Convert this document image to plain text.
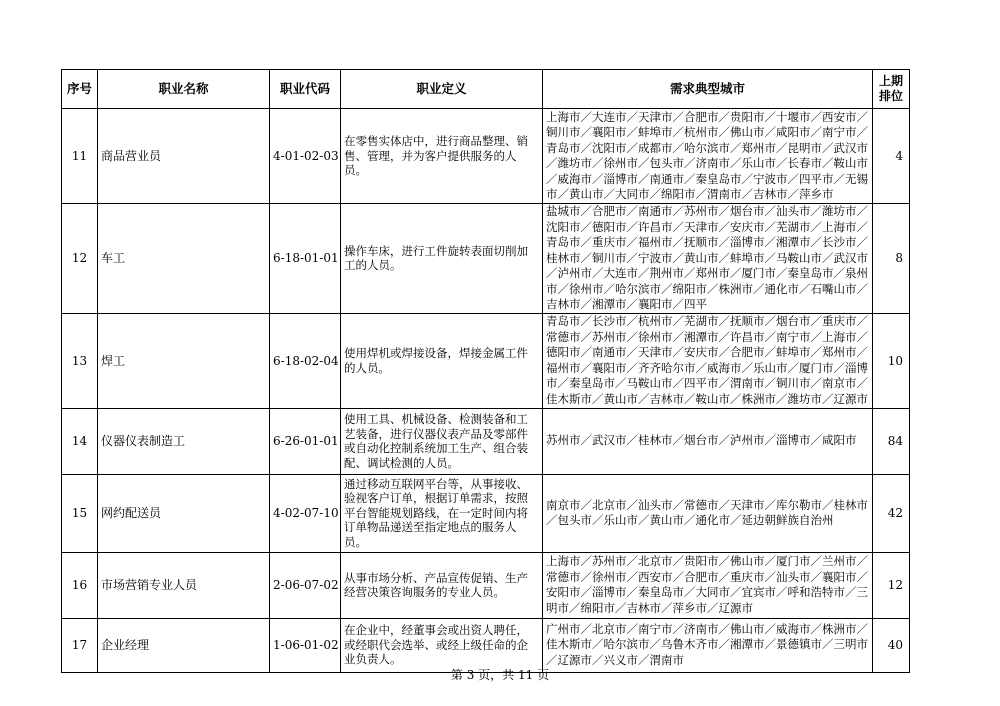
序号	职业名称	职业代码	职业定义	需求典型城市	上期排位
11	商品营业员	4-01-02-03	在零售实体店中，进行商品整理、销售、管理，并为客户提供服务的人员。	上海市／大连市／天津市／合肥市／贵阳市／十堰市／西安市／铜川市／襄阳市／蚌埠市／杭州市／佛山市／咸阳市／南宁市／青岛市／沈阳市／成都市／哈尔滨市／郑州市／昆明市／武汉市／潍坊市／徐州市／包头市／济南市／乐山市／长春市／鞍山市／威海市／淄博市／南通市／秦皇岛市／宁波市／四平市／无锡市／黄山市／大同市／绵阳市／渭南市／吉林市／萍乡市	4
12	车工	6-18-01-01	操作车床，进行工件旋转表面切削加工的人员。	盐城市／合肥市／南通市／苏州市／烟台市／汕头市／潍坊市／沈阳市／德阳市／许昌市／天津市／安庆市／芜湖市／上海市／青岛市／重庆市／福州市／抚顺市／淄博市／湘潭市／长沙市／桂林市／铜川市／宁波市／黄山市／蚌埠市／马鞍山市／武汉市／泸州市／大连市／荆州市／郑州市／厦门市／秦皇岛市／泉州市／徐州市／哈尔滨市／绵阳市／株洲市／通化市／石嘴山市／吉林市／湘潭市／襄阳市／四平	8
13	焊工	6-18-02-04	使用焊机或焊接设备，焊接金属工件的人员。	青岛市／长沙市／杭州市／芜湖市／抚顺市／烟台市／重庆市／常德市／苏州市／徐州市／湘潭市／许昌市／南宁市／上海市／德阳市／南通市／天津市／安庆市／合肥市／蚌埠市／郑州市／福州市／襄阳市／齐齐哈尔市／威海市／乐山市／厦门市／淄博市／秦皇岛市／马鞍山市／四平市／渭南市／铜川市／南京市／佳木斯市／黄山市／吉林市／鞍山市／株洲市／潍坊市／辽源市	10
14	仪器仪表制造工	6-26-01-01	使用工具、机械设备、检测装备和工艺装备，进行仪器仪表产品及零部件或自动化控制系统加工生产、组合装配、调试检测的人员。	苏州市／武汉市／桂林市／烟台市／泸州市／淄博市／咸阳市	84
15	网约配送员	4-02-07-10	通过移动互联网平台等，从事接收、验视客户订单，根据订单需求，按照平台智能规划路线，在一定时间内将订单物品递送至指定地点的服务人员。	南京市／北京市／汕头市／常德市／天津市／库尔勒市／桂林市／包头市／乐山市／黄山市／通化市／延边朝鲜族自治州	42
16	市场营销专业人员	2-06-07-02	从事市场分析、产品宣传促销、生产经营决策咨询服务的专业人员。	上海市／苏州市／北京市／贵阳市／佛山市／厦门市／兰州市／常德市／徐州市／西安市／合肥市／重庆市／汕头市／襄阳市／安阳市／淄博市／秦皇岛市／大同市／宜宾市／呼和浩特市／三明市／绵阳市／吉林市／萍乡市／辽源市	12
17	企业经理	1-06-01-02	在企业中，经董事会或出资人聘任，或经职代会选举、或经上级任命的企业负责人。	广州市／北京市／南宁市／济南市／佛山市／威海市／株洲市／佳木斯市／哈尔滨市／乌鲁木齐市／湘潭市／景德镇市／三明市／辽源市／兴义市／渭南市	40
第 3 页，共 11 页
